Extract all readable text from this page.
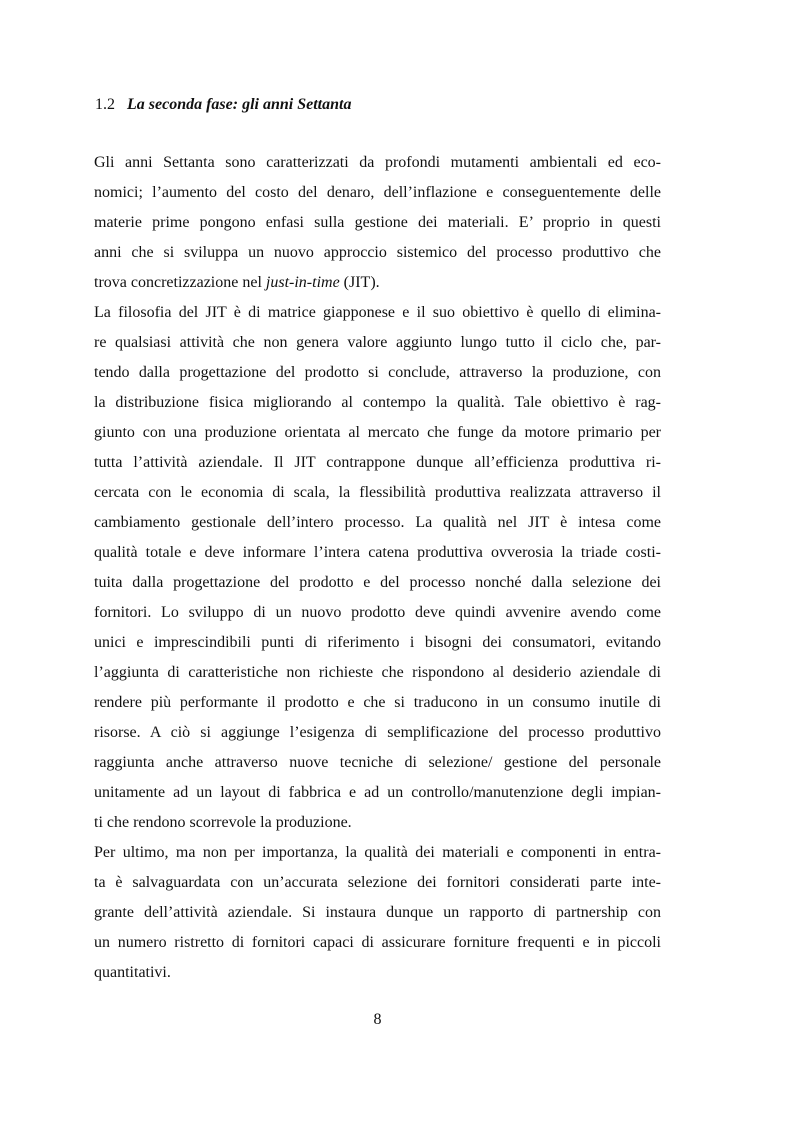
1.2 La seconda fase: gli anni Settanta
Gli anni Settanta sono caratterizzati da profondi mutamenti ambientali ed eco-
nomici; l’aumento del costo del denaro, dell’inflazione e conseguentemente delle
materie prime pongono enfasi sulla gestione dei materiali. E’ proprio in questi
anni che si sviluppa un nuovo approccio sistemico del processo produttivo che
trova concretizzazione nel just-in-time (JIT).
La filosofia del JIT è di matrice giapponese e il suo obiettivo è quello di elimina-
re qualsiasi attività che non genera valore aggiunto lungo tutto il ciclo che, par-
tendo dalla progettazione del prodotto si conclude, attraverso la produzione, con
la distribuzione fisica migliorando al contempo la qualità. Tale obiettivo è rag-
giunto con una produzione orientata al mercato che funge da motore primario per
tutta l’attività aziendale. Il JIT contrappone dunque all’efficienza produttiva ri-
cercata con le economia di scala, la flessibilità produttiva realizzata attraverso il
cambiamento gestionale dell’intero processo. La qualità nel JIT è intesa come
qualità totale e deve informare l’intera catena produttiva ovverosia la triade costi-
tuita dalla progettazione del prodotto e del processo nonché dalla selezione dei
fornitori. Lo sviluppo di un nuovo prodotto deve quindi avvenire avendo come
unici e imprescindibili punti di riferimento i bisogni dei consumatori, evitando
l’aggiunta di caratteristiche non richieste che rispondono al desiderio aziendale di
rendere più performante il prodotto e che si traducono in un consumo inutile di
risorse. A ciò si aggiunge l’esigenza di semplificazione del processo produttivo
raggiunta anche attraverso nuove tecniche di selezione/ gestione del personale
unitamente ad un layout di fabbrica e ad un controllo/manutenzione degli impian-
ti che rendono scorrevole la produzione.
Per ultimo, ma non per importanza, la qualità dei materiali e componenti in entra-
ta è salvaguardata con un’accurata selezione dei fornitori considerati parte inte-
grante dell’attività aziendale. Si instaura dunque un rapporto di partnership con
un numero ristretto di fornitori capaci di assicurare forniture frequenti e in piccoli
quantitativi.
8
